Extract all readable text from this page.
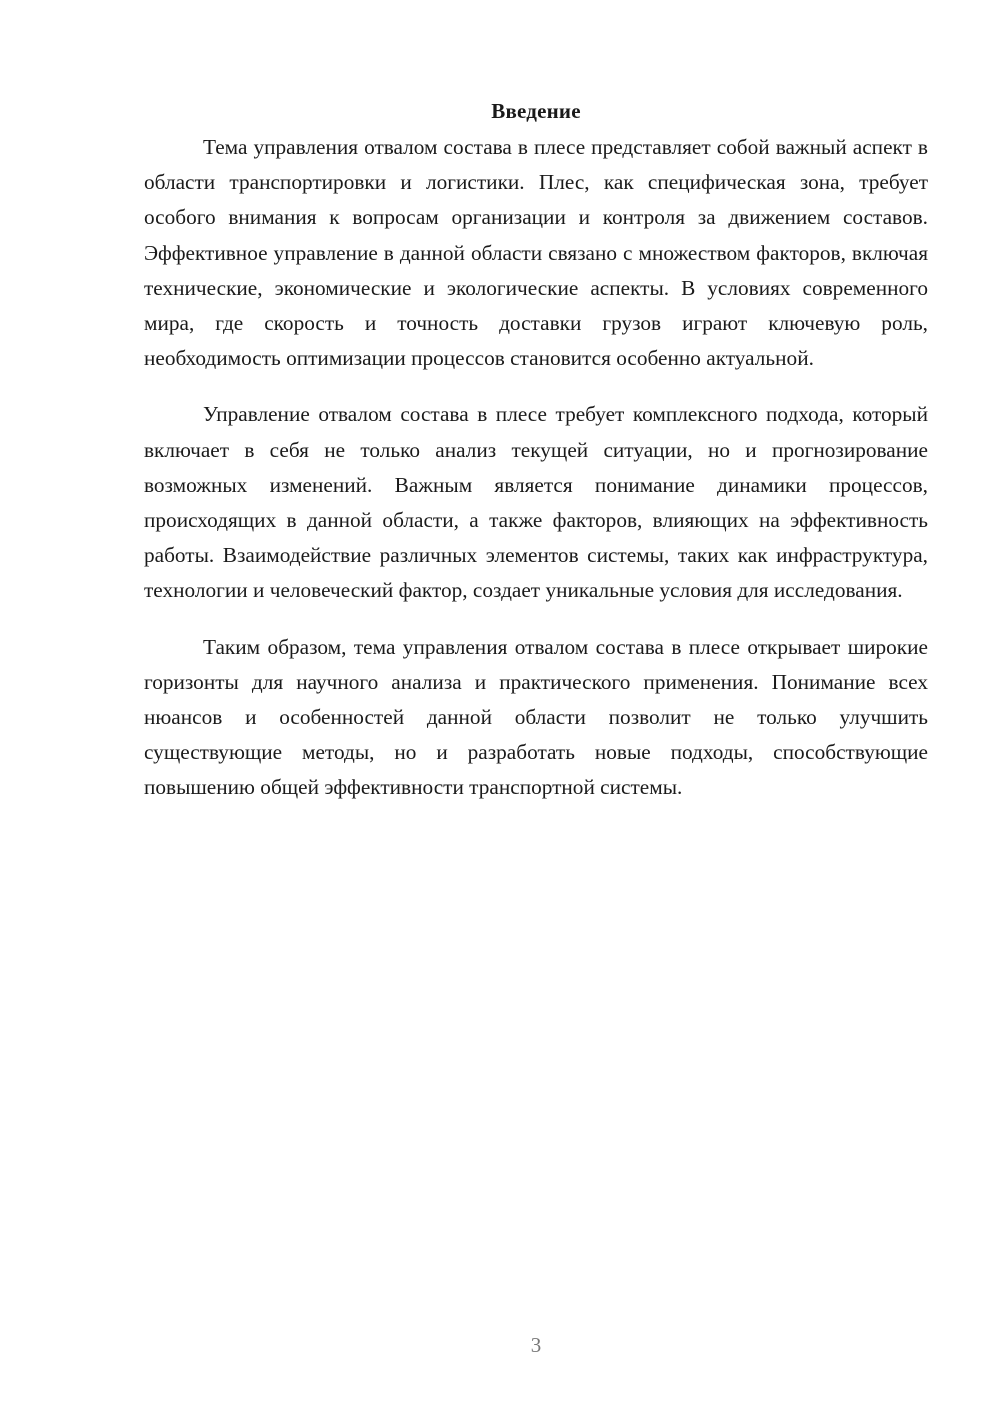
Введение

Тема управления отвалом состава в плесе представляет собой важный аспект в области транспортировки и логистики. Плес, как специфическая зона, требует особого внимания к вопросам организации и контроля за движением составов. Эффективное управление в данной области связано с множеством факторов, включая технические, экономические и экологические аспекты. В условиях современного мира, где скорость и точность доставки грузов играют ключевую роль, необходимость оптимизации процессов становится особенно актуальной.

Управление отвалом состава в плесе требует комплексного подхода, который включает в себя не только анализ текущей ситуации, но и прогнозирование возможных изменений. Важным является понимание динамики процессов, происходящих в данной области, а также факторов, влияющих на эффективность работы. Взаимодействие различных элементов системы, таких как инфраструктура, технологии и человеческий фактор, создает уникальные условия для исследования.

Таким образом, тема управления отвалом состава в плесе открывает широкие горизонты для научного анализа и практического применения. Понимание всех нюансов и особенностей данной области позволит не только улучшить существующие методы, но и разработать новые подходы, способствующие повышению общей эффективности транспортной системы.

3
